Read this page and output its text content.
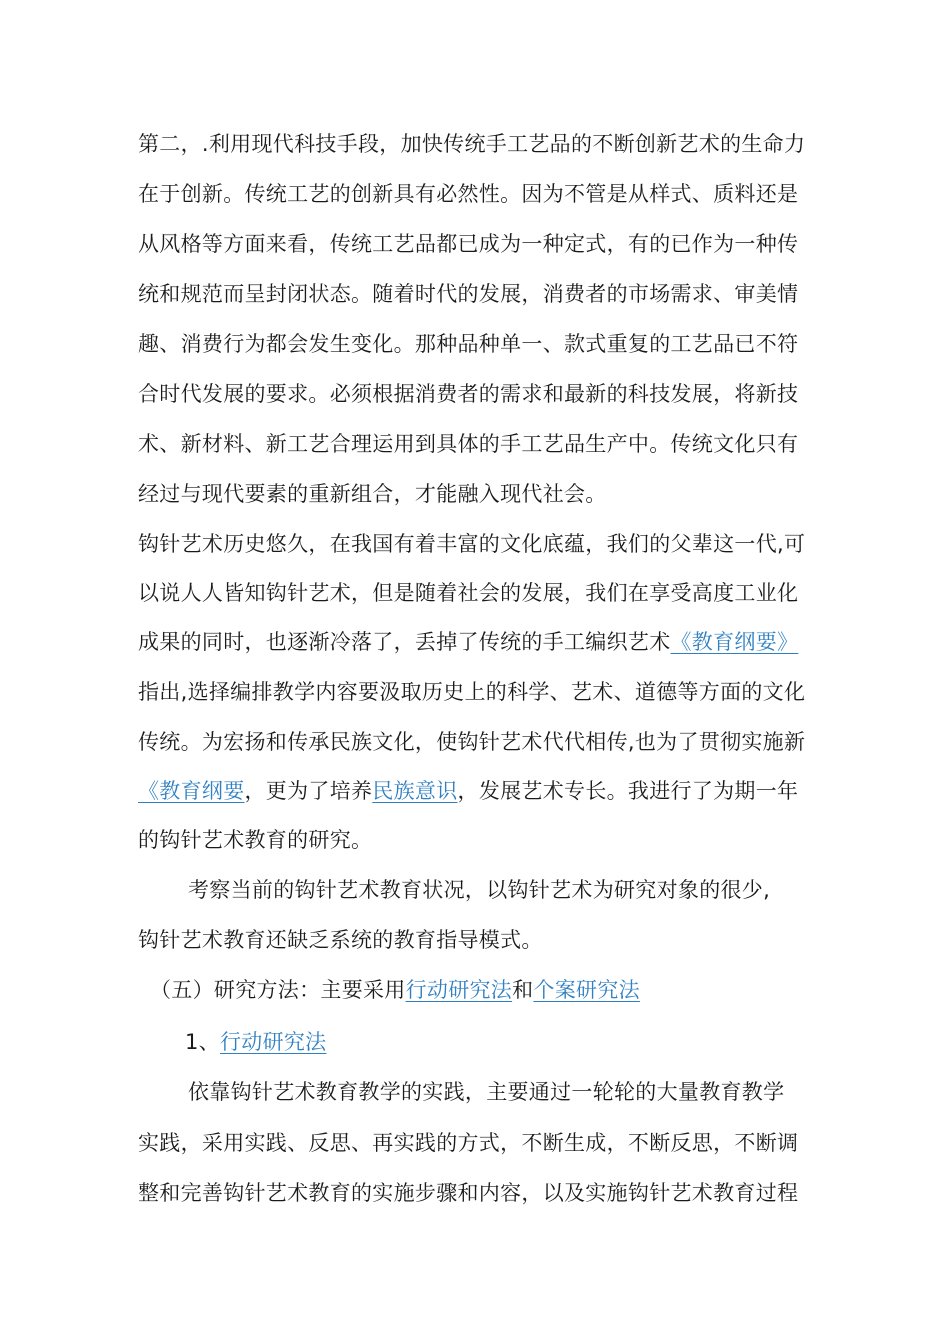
第二，.利用现代科技手段，加快传统手工艺品的不断创新艺术的生命力
在于创新。传统工艺的创新具有必然性。因为不管是从样式、质料还是
从风格等方面来看，传统工艺品都已成为一种定式，有的已作为一种传
统和规范而呈封闭状态。随着时代的发展，消费者的市场需求、审美情
趣、消费行为都会发生变化。那种品种单一、款式重复的工艺品已不符
合时代发展的要求。必须根据消费者的需求和最新的科技发展，将新技
术、新材料、新工艺合理运用到具体的手工艺品生产中。传统文化只有
经过与现代要素的重新组合，才能融入现代社会。
钩针艺术历史悠久，在我国有着丰富的文化底蕴，我们的父辈这一代,可
以说人人皆知钩针艺术，但是随着社会的发展，我们在享受高度工业化
成果的同时，也逐渐冷落了，丢掉了传统的手工编织艺术《教育纲要》
指出,选择编排教学内容要汲取历史上的科学、艺术、道德等方面的文化
传统。为宏扬和传承民族文化，使钩针艺术代代相传,也为了贯彻实施新
《教育纲要，更为了培养民族意识，发展艺术专长。我进行了为期一年
的钩针艺术教育的研究。
考察当前的钩针艺术教育状况，以钩针艺术为研究对象的很少,
钩针艺术教育还缺乏系统的教育指导模式。
（五）研究方法：主要采用行动研究法和个案研究法
1、行动研究法
依靠钩针艺术教育教学的实践，主要通过一轮轮的大量教育教学
实践，采用实践、反思、再实践的方式，不断生成，不断反思，不断调
整和完善钩针艺术教育的实施步骤和内容，以及实施钩针艺术教育过程
